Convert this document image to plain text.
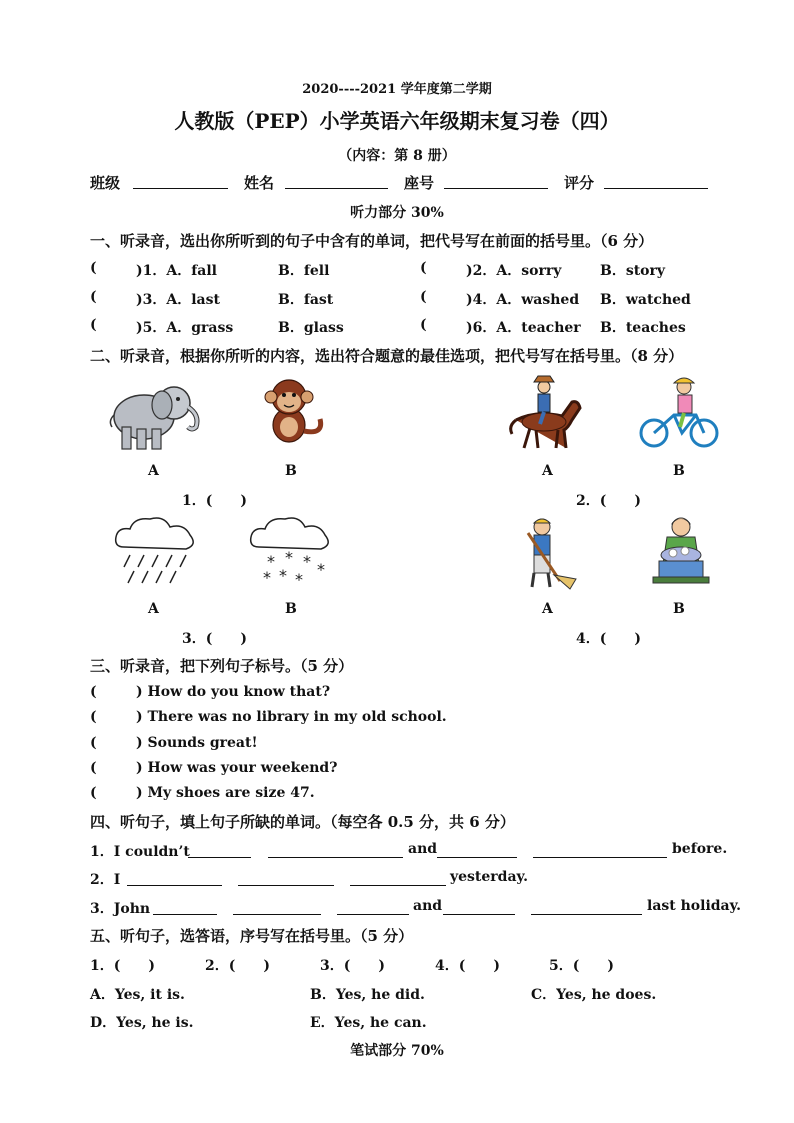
2020----2021 学年度第二学期
人教版（PEP）小学英语六年级期末复习卷（四）
（内容：第 8 册）
班级	姓名	座号	评分
听力部分 30%
一、听录音，选出你所听到的句子中含有的单词，把代号写在前面的括号里。（6 分）
(	)1．A．fall	B．fell	(	)2．A．sorry	B．story
(	)3．A．last	B．fast	(	)4．A．washed B．watched
(	)5．A．grass	B．glass	(	)6．A．teacher B．teaches
二、听录音，根据你所听的内容，选出符合题意的最佳选项，把代号写在括号里。（8 分）
A	B	A	B
1．(　　)	2．(　　)
* * * *
* * *
A	B	A	B
3．(　　)	4．(　　)
三、听录音，把下列句子标号。（5 分）
(	) How do you know that?
(	) There was no library in my old school.
(	) Sounds great!
(	) How was your weekend?
(	) My shoes are size 47.
四、听句子，填上句子所缺的单词。（每空各 0.5 分，共 6 分）
1．I couldn’t	and	before.
2．I	yesterday.
3．John	and	last holiday.
五、听句子，选答语，序号写在括号里。（5 分）
1．(　　)	2．(　　)	3．(　　)	4．(　　)	5．(　　)
A．Yes, it is.	B．Yes, he did.	C．Yes, he does.
D．Yes, he is.	E．Yes, he can.
笔试部分 70%
